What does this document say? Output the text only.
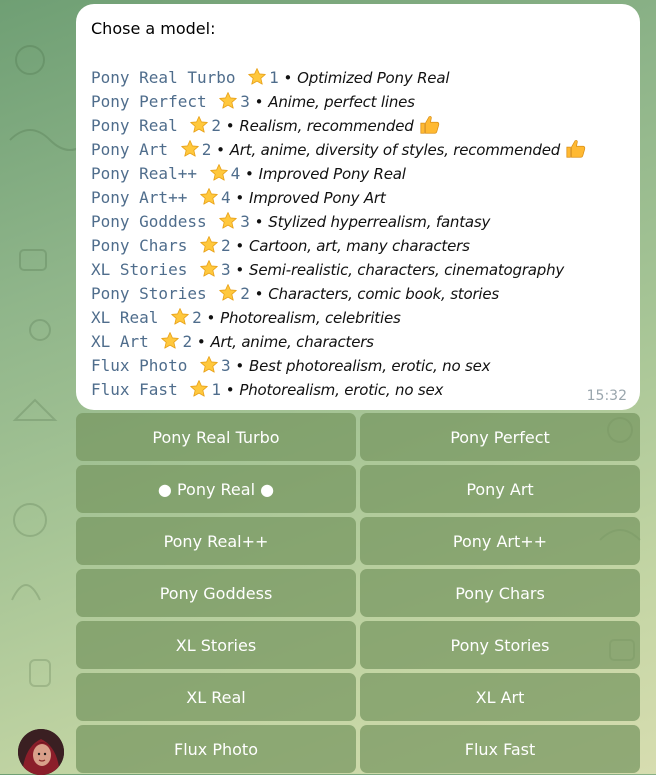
Chose a model:
Pony Real Turbo 1 • Optimized Pony Real
Pony Perfect 3 • Anime, perfect lines
Pony Real 2 • Realism, recommended
Pony Art 2 • Art, anime, diversity of styles, recommended
Pony Real++ 4 • Improved Pony Real
Pony Art++ 4 • Improved Pony Art
Pony Goddess 3 • Stylized hyperrealism, fantasy
Pony Chars 2 • Cartoon, art, many characters
XL Stories 3 • Semi-realistic, characters, cinematography
Pony Stories 2 • Characters, comic book, stories
XL Real 2 • Photorealism, celebrities
XL Art 2 • Art, anime, characters
Flux Photo 3 • Best photorealism, erotic, no sex
Flux Fast 1 • Photorealism, erotic, no sex	15:32
Pony Real Turbo	Pony Perfect
● Pony Real ●	Pony Art
Pony Real++	Pony Art++
Pony Goddess	Pony Chars
XL Stories	Pony Stories
XL Real	XL Art
Flux Photo	Flux Fast
